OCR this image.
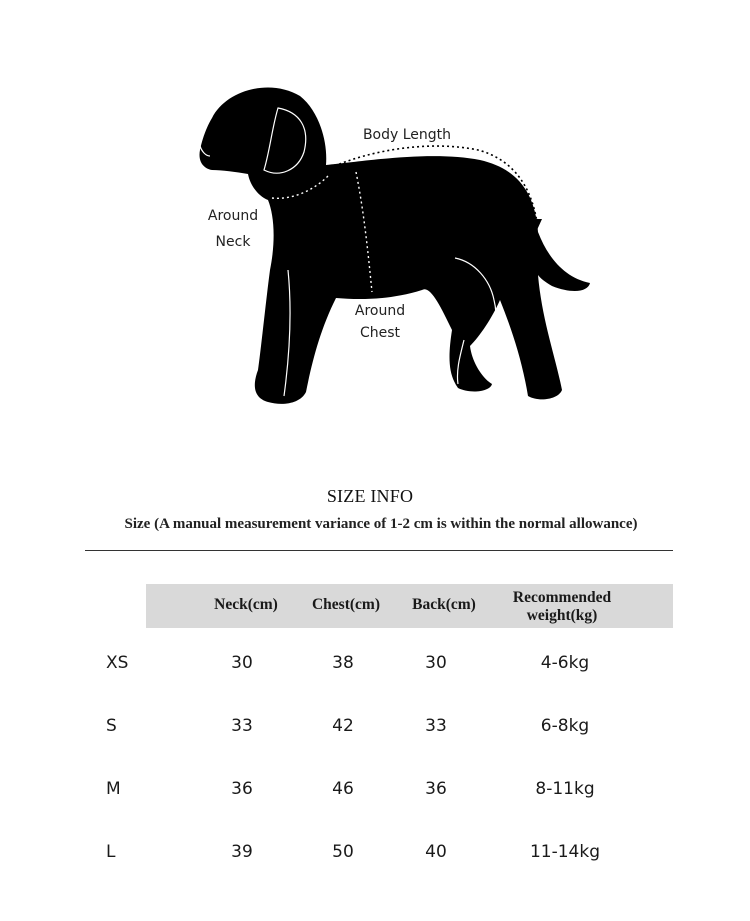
Body Length
Around
Neck
Around
Chest
SIZE INFO
Size (A manual measurement variance of 1-2 cm is within the normal allowance)
Neck(cm)	Chest(cm)	Back(cm)	Recommended weight(kg)
XS	30	38	30	4-6kg
S	33	42	33	6-8kg
M	36	46	36	8-11kg
L	39	50	40	11-14kg
